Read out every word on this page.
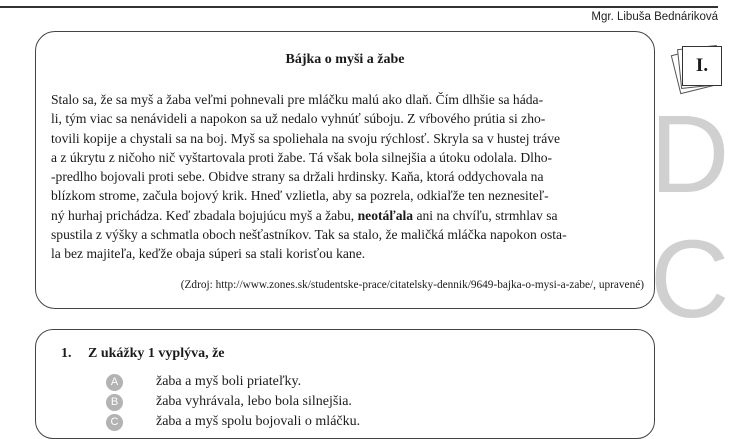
Mgr. Libuša Bednáriková
Bájka o myši a žabe

Stalo sa, že sa myš a žaba veľmi pohnevali pre mláčku malú ako dlaň. Čím dlhšie sa háda-
li, tým viac sa nenávideli a napokon sa už nedalo vyhnúť súboju. Z vŕbového prútia si zho-
tovili kopije a chystali sa na boj. Myš sa spoliehala na svoju rýchlosť. Skryla sa v hustej tráve
a z úkrytu z ničoho nič vyštartovala proti žabe. Tá však bola silnejšia a útoku odolala. Dlho-
-predlho bojovali proti sebe. Obidve strany sa držali hrdinsky. Kaňa, ktorá oddychovala na
blízkom strome, začula bojový krik. Hneď vzlietla, aby sa pozrela, odkiaľže ten neznesiteľ-
ný hurhaj prichádza. Keď zbadala bojujúcu myš a žabu, neotáľala ani na chvíľu, strmhlav sa
spustila z výšky a schmatla oboch nešťastníkov. Tak sa stalo, že maličká mláčka napokon osta-
la bez majiteľa, keďže obaja súperi sa stali korisťou kane.

(Zdroj: http://www.zones.sk/studentske-prace/citatelsky-dennik/9649-bajka-o-mysi-a-zabe/, upravené)
I.
D
C
1. Z ukážky 1 vyplýva, že
A	žaba a myš boli priateľky.
B	žaba vyhrávala, lebo bola silnejšia.
C	žaba a myš spolu bojovali o mláčku.
